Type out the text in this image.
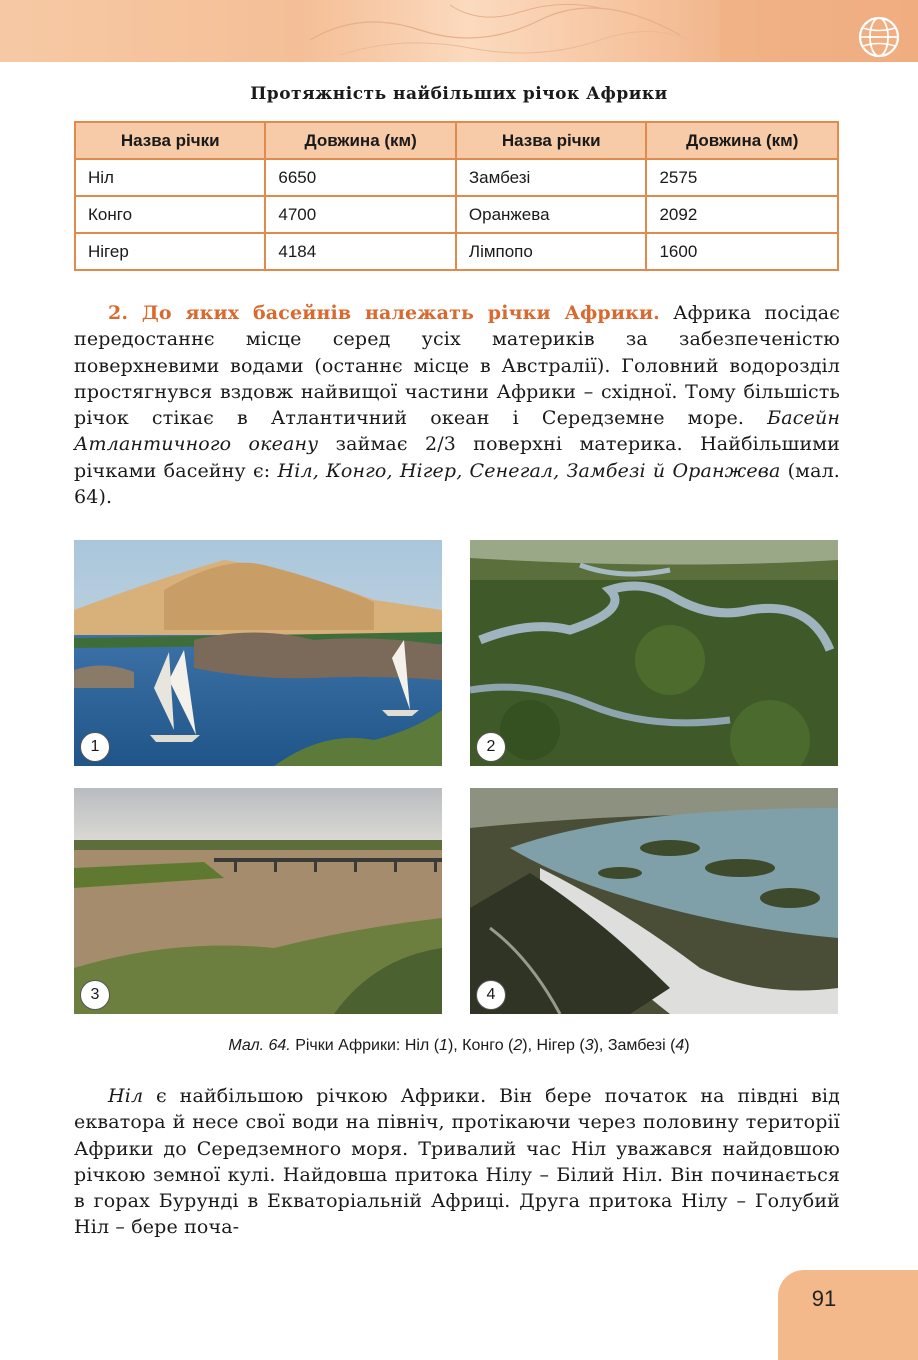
Протяжність найбільших річок Африки
Назва річки	Довжина (км)	Назва річки	Довжина (км)
Ніл	6650	Замбезі	2575
Конго	4700	Оранжева	2092
Нігер	4184	Лімпопо	1600
2. До яких басейнів належать річки Африки. Африка посідає передостаннє місце серед усіх материків за забезпеченістю поверхневими водами (останнє місце в Австралії). Головний водорозділ простягнувся вздовж найвищої частини Африки – східної. Тому більшість річок стікає в Атлантичний океан і Середземне море. Басейн Атлантичного океану займає 2/3 поверхні материка. Найбільшими річками басейну є: Ніл, Конго, Нігер, Сенегал, Замбезі й Оранжева (мал. 64).
1	2
3	4
Мал. 64. Річки Африки: Ніл (1), Конго (2), Нігер (3), Замбезі (4)
Ніл є найбільшою річкою Африки. Він бере початок на півдні від екватора й несе свої води на північ, протікаючи через половину території Африки до Середземного моря. Тривалий час Ніл уважався найдовшою річкою земної кулі. Найдовша притока Нілу – Білий Ніл. Він починається в горах Бурунді в Екваторіальній Африці. Друга притока Нілу – Голубий Ніл – бере поча-
91
